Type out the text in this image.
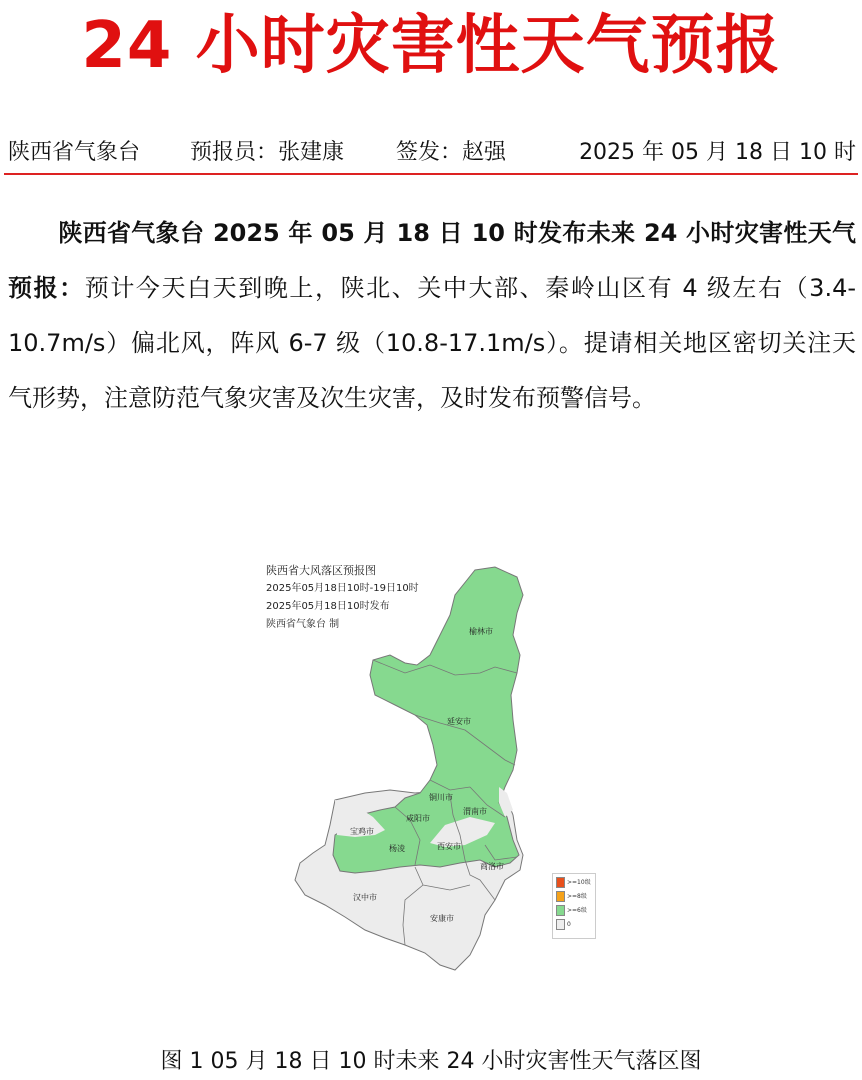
24 小时灾害性天气预报
陕西省气象台 预报员：张建康 签发：赵强	2025 年 05 月 18 日 10 时
陕西省气象台 2025 年 05 月 18 日 10 时发布未来 24 小时灾害性天气预报：预计今天白天到晚上，陕北、关中大部、秦岭山区有 4 级左右（3.4-10.7m/s）偏北风，阵风 6-7 级（10.8-17.1m/s）。提请相关地区密切关注天气形势，注意防范气象灾害及次生灾害，及时发布预警信号。
榆林市
延安市
铜川市
渭南市
宝鸡市
咸阳市
杨凌	西安市
商洛市
汉中市
安康市
陕西省大风落区预报图
2025年05月18日10时-19日10时
2025年05月18日10时发布
陕西省气象台 制
>=10级
>=8级
>=6级
0
图 1 05 月 18 日 10 时未来 24 小时灾害性天气落区图
